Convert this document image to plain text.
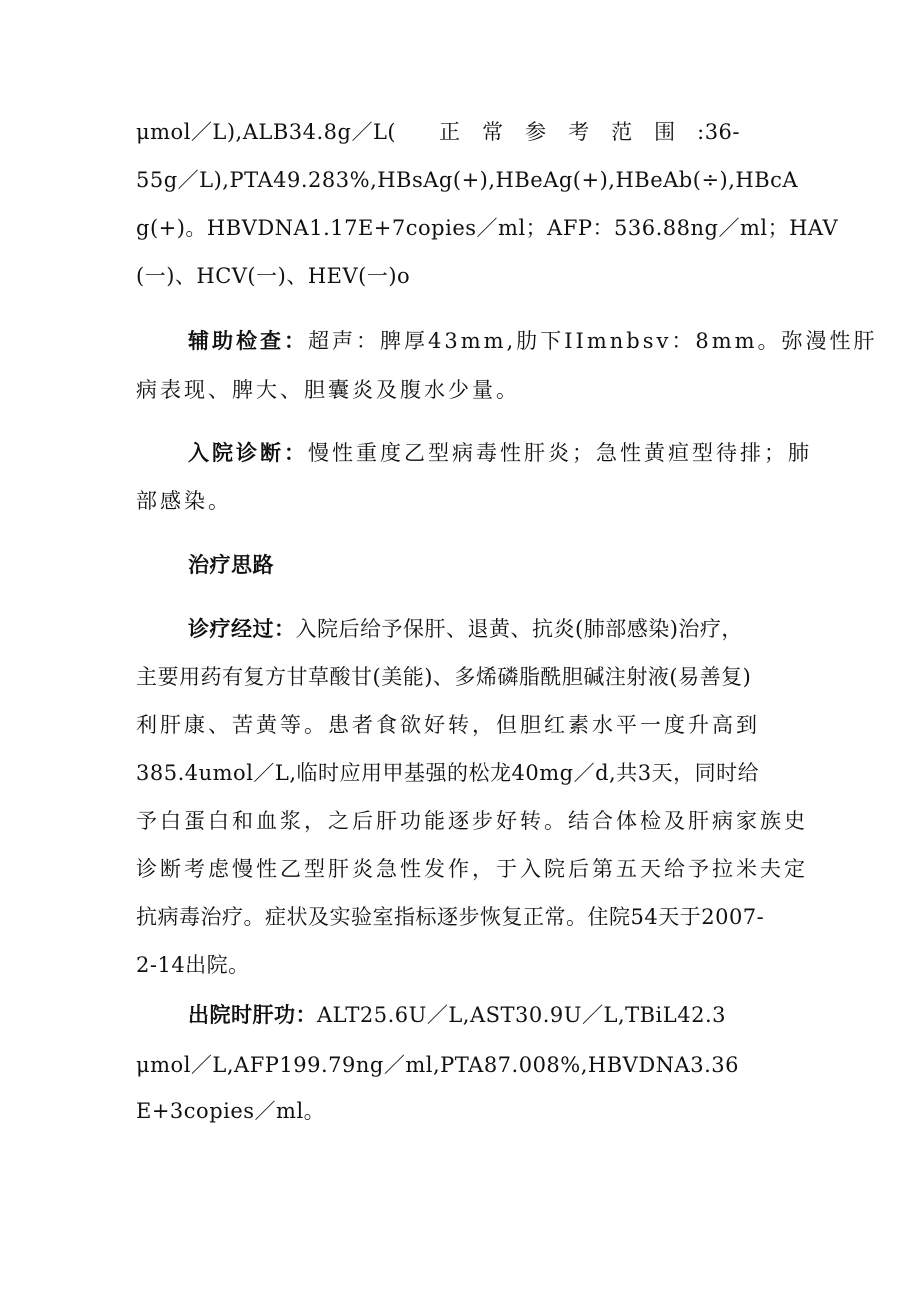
μmol／L),ALB34.8g／L(　　正　常　参　考　范　围　:36-
55g／L),PTA49.283%,HBsAg(+),HBeAg(+),HBeAb(÷),HBcA
g(+)。HBVDNA1.17E+7copies／ml；AFP：536.88ng／ml；HAV
(一)、HCV(一)、HEV(一)o
辅助检查：超声：脾厚43mm,肋下IImnbsv：8mm。弥漫性肝
病表现、脾大、胆囊炎及腹水少量。
入院诊断：慢性重度乙型病毒性肝炎；急性黄疸型待排；肺
部感染。
治疗思路
诊疗经过：入院后给予保肝、退黄、抗炎(肺部感染)治疗，
主要用药有复方甘草酸甘(美能)、多烯磷脂酰胆碱注射液(易善复)
利肝康、苦黄等。患者食欲好转，但胆红素水平一度升高到
385.4umol／L,临时应用甲基强的松龙40mg／d,共3天，同时给
予白蛋白和血浆，之后肝功能逐步好转。结合体检及肝病家族史
诊断考虑慢性乙型肝炎急性发作，于入院后第五天给予拉米夫定
抗病毒治疗。症状及实验室指标逐步恢复正常。住院54天于2007-
2-14出院。
出院时肝功：ALT25.6U／L,AST30.9U／L,TBiL42.3
μmol／L,AFP199.79ng／ml,PTA87.008%,HBVDNA3.36
E+3copies／ml。
